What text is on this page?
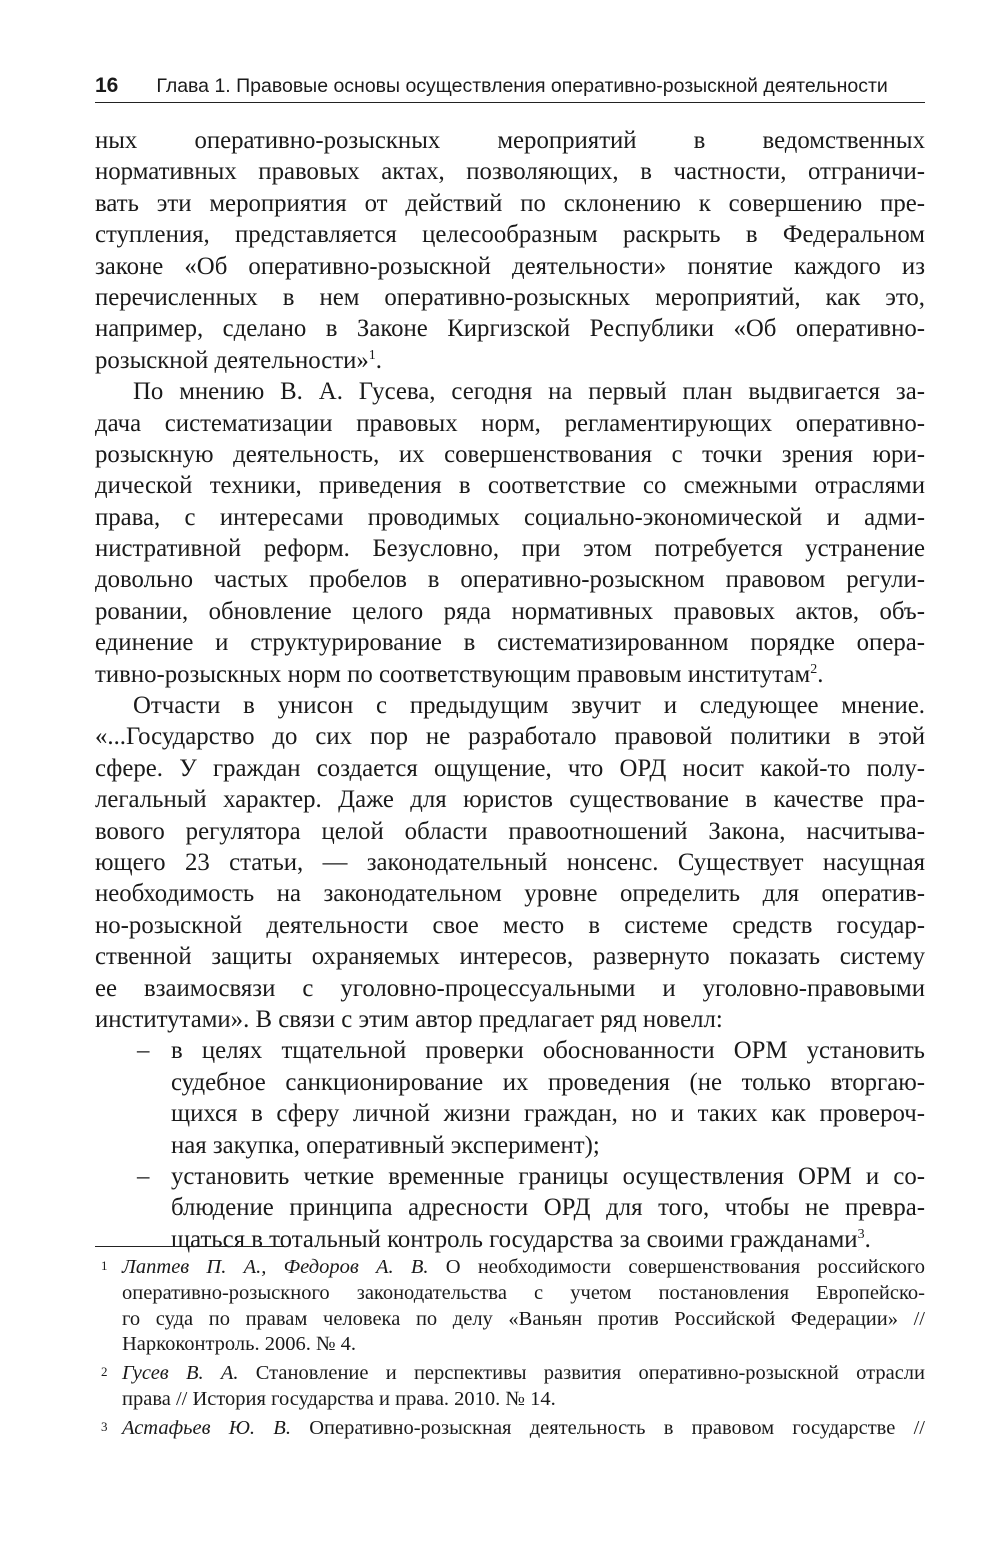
16 Глава 1. Правовые основы осуществления оперативно-розыскной деятельности
ных оперативно-розыскных мероприятий в ведомственных
нормативных правовых актах, позволяющих, в частности, отграничи-
вать эти мероприятия от действий по склонению к совершению пре-
ступления, представляется целесообразным раскрыть в Федеральном
законе «Об оперативно-розыскной деятельности» понятие каждого из
перечисленных в нем оперативно-розыскных мероприятий, как это,
например, сделано в Законе Киргизской Республики «Об оперативно-
розыскной деятельности»$^1$.
По мнению В. А. Гусева, сегодня на первый план выдвигается за-
дача систематизации правовых норм, регламентирующих оперативно-
розыскную деятельность, их совершенствования с точки зрения юри-
дической техники, приведения в соответствие со смежными отраслями
права, с интересами проводимых социально-экономической и адми-
нистративной реформ. Безусловно, при этом потребуется устранение
довольно частых пробелов в оперативно-розыскном правовом регули-
ровании, обновление целого ряда нормативных правовых актов, объ-
единение и структурирование в систематизированном порядке опера-
тивно-розыскных норм по соответствующим правовым институтам$^2$.
Отчасти в унисон с предыдущим звучит и следующее мнение.
«...Государство до сих пор не разработало правовой политики в этой
сфере. У граждан создается ощущение, что ОРД носит какой-то полу-
легальный характер. Даже для юристов существование в качестве пра-
вового регулятора целой области правоотношений Закона, насчитыва-
ющего 23 статьи, — законодательный нонсенс. Существует насущная
необходимость на законодательном уровне определить для оператив-
но-розыскной деятельности свое место в системе средств государ-
ственной защиты охраняемых интересов, развернуто показать систему
ее взаимосвязи с уголовно-процессуальными и уголовно-правовыми
институтами». В связи с этим автор предлагает ряд новелл:
– в целях тщательной проверки обоснованности ОРМ установить
судебное санкционирование их проведения (не только вторгаю-
щихся в сферу личной жизни граждан, но и таких как провероч-
ная закупка, оперативный эксперимент);
– установить четкие временные границы осуществления ОРМ и со-
блюдение принципа адресности ОРД для того, чтобы не превра-
щаться в тотальный контроль государства за своими гражданами$^3$.
1 Лаптев П. А., Федоров А. В. О необходимости совершенствования российского
оперативно-розыскного законодательства с учетом постановления Европейско-
го суда по правам человека по делу «Ваньян против Российской Федерации» //
Наркоконтроль. 2006. № 4.
2 Гусев В. А. Становление и перспективы развития оперативно-розыскной отрасли
права // История государства и права. 2010. № 14.
3 Астафьев Ю. В. Оперативно-розыскная деятельность в правовом государстве //
